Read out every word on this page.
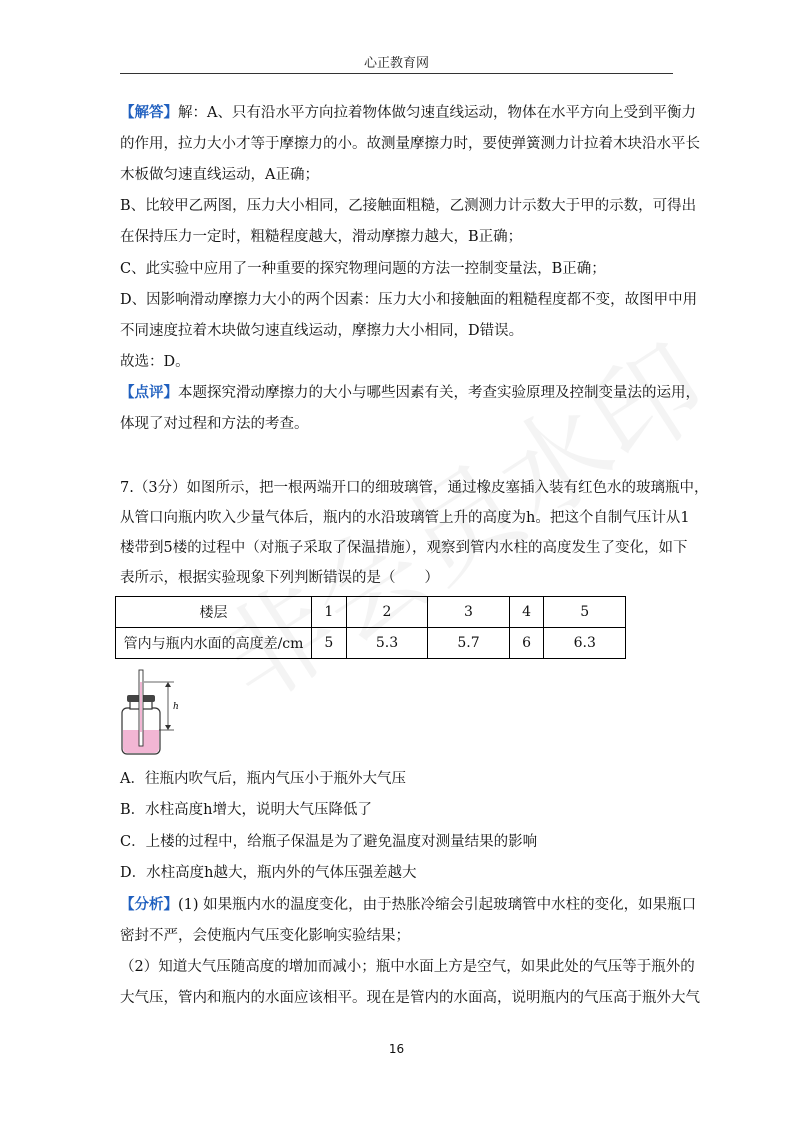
心正教育网
【解答】解：A、只有沿水平方向拉着物体做匀速直线运动，物体在水平方向上受到平衡力
的作用，拉力大小才等于摩擦力的小。故测量摩擦力时，要使弹簧测力计拉着木块沿水平长
木板做匀速直线运动，A正确；
B、比较甲乙两图，压力大小相同，乙接触面粗糙，乙测测力计示数大于甲的示数，可得出
在保持压力一定时，粗糙程度越大，滑动摩擦力越大，B正确；
C、此实验中应用了一种重要的探究物理问题的方法一控制变量法，B正确；
D、因影响滑动摩擦力大小的两个因素：压力大小和接触面的粗糙程度都不变，故图甲中用
不同速度拉着木块做匀速直线运动，摩擦力大小相同，D错误。
故选：D。
【点评】本题探究滑动摩擦力的大小与哪些因素有关，考查实验原理及控制变量法的运用，
体现了对过程和方法的考查。
7.（3分）如图所示，把一根两端开口的细玻璃管，通过橡皮塞插入装有红色水的玻璃瓶中，
从管口向瓶内吹入少量气体后，瓶内的水沿玻璃管上升的高度为h。把这个自制气压计从1
楼带到5楼的过程中（对瓶子采取了保温措施），观察到管内水柱的高度发生了变化，如下
表所示，根据实验现象下列判断错误的是（　　）
楼层	1	2	3	4	5
管内与瓶内水面的高度差/cm	5	5.3	5.7	6	6.3
h
A．往瓶内吹气后，瓶内气压小于瓶外大气压
B．水柱高度h增大，说明大气压降低了
C．上楼的过程中，给瓶子保温是为了避免温度对测量结果的影响
D．水柱高度h越大，瓶内外的气体压强差越大
【分析】(1) 如果瓶内水的温度变化，由于热胀冷缩会引起玻璃管中水柱的变化，如果瓶口
密封不严，会使瓶内气压变化影响实验结果；
（2）知道大气压随高度的增加而减小；瓶中水面上方是空气，如果此处的气压等于瓶外的
大气压，管内和瓶内的水面应该相平。现在是管内的水面高，说明瓶内的气压高于瓶外大气
16
